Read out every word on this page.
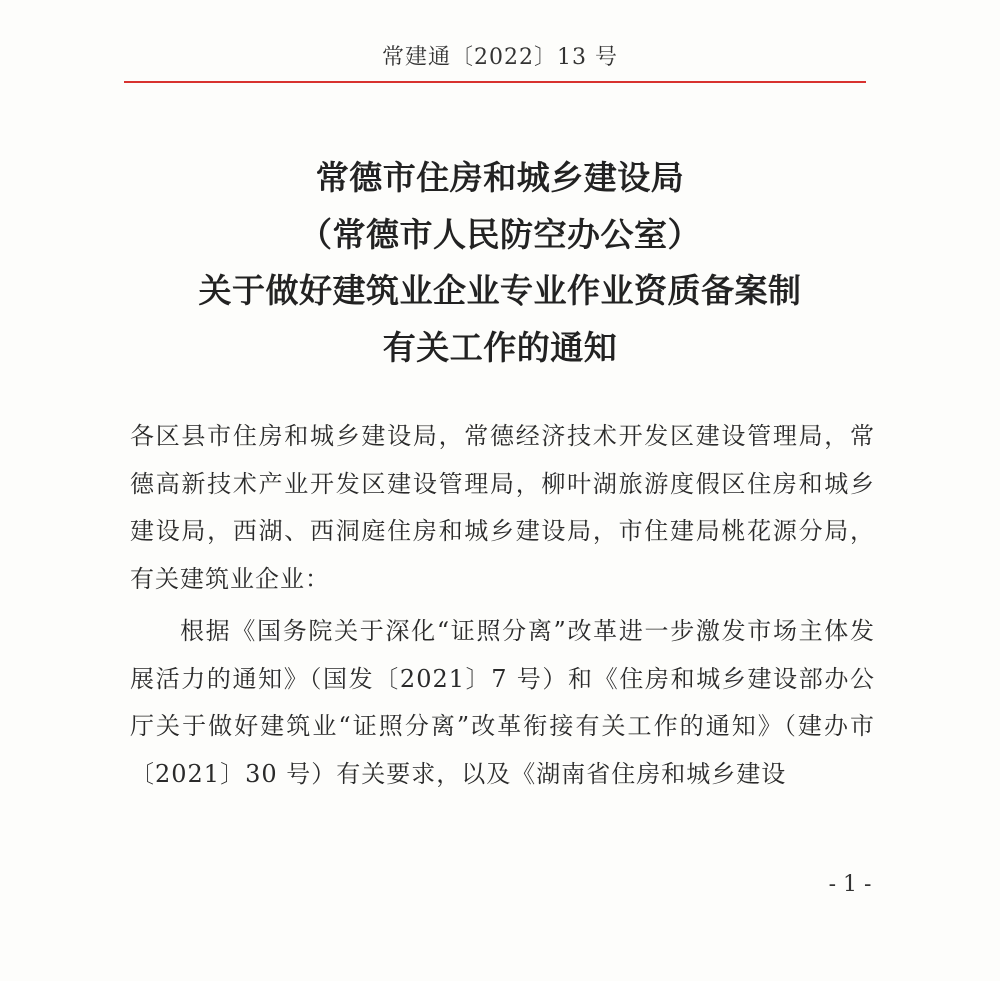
常建通〔2022〕13 号
常德市住房和城乡建设局
（常德市人民防空办公室）
关于做好建筑业企业专业作业资质备案制
有关工作的通知

各区县市住房和城乡建设局，常德经济技术开发区建设管理局，常德高新技术产业开发区建设管理局，柳叶湖旅游度假区住房和城乡建设局，西湖、西洞庭住房和城乡建设局，市住建局桃花源分局，有关建筑业企业：

根据《国务院关于深化“证照分离”改革进一步激发市场主体发展活力的通知》（国发〔2021〕7 号）和《住房和城乡建设部办公厅关于做好建筑业“证照分离”改革衔接有关工作的通知》（建办市〔2021〕30 号）有关要求，以及《湖南省住房和城乡建设

- 1 -
